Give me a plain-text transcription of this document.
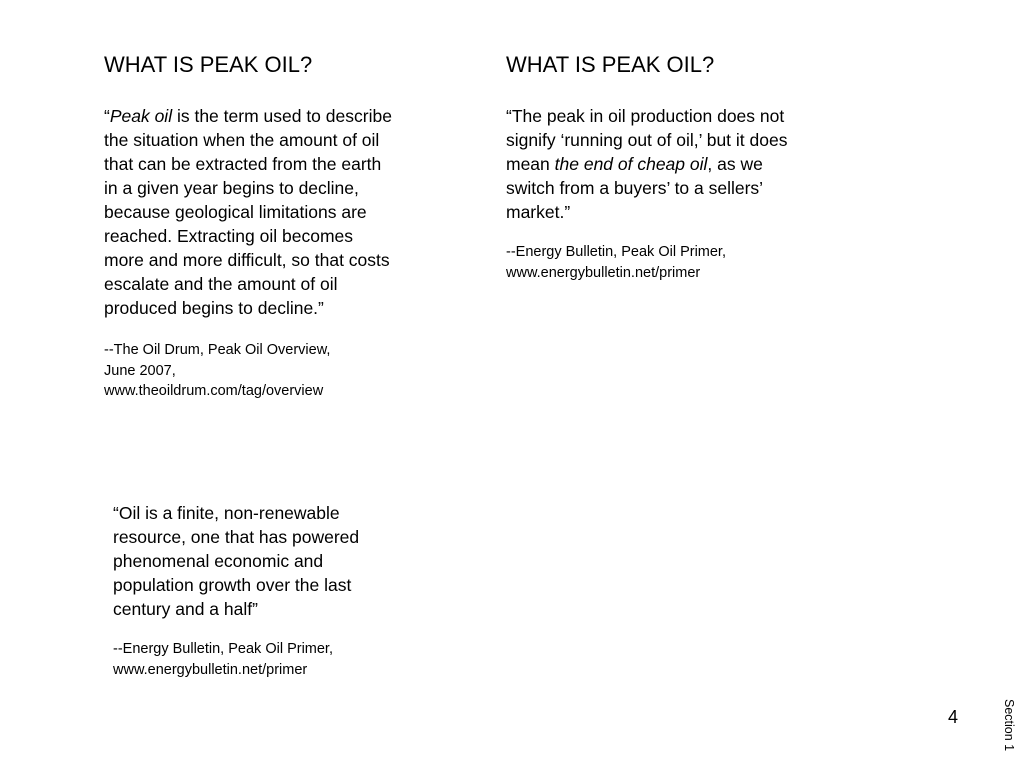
WHAT IS PEAK OIL?

“Peak oil is the term used to describe the situation when the amount of oil that can be extracted from the earth in a given year begins to decline, because geological limitations are reached. Extracting oil becomes more and more difficult, so that costs escalate and the amount of oil produced begins to decline.”

--The Oil Drum, Peak Oil Overview,
June 2007,
www.theoildrum.com/tag/overview

WHAT IS PEAK OIL?

“The peak in oil production does not signify ‘running out of oil,’ but it does mean the end of cheap oil, as we switch from a buyers’ to a sellers’ market.”

--Energy Bulletin, Peak Oil Primer,
www.energybulletin.net/primer

“Oil is a finite, non-renewable resource, one that has powered phenomenal economic and population growth over the last century and a half”

--Energy Bulletin, Peak Oil Primer,
www.energybulletin.net/primer

4	Section 1
